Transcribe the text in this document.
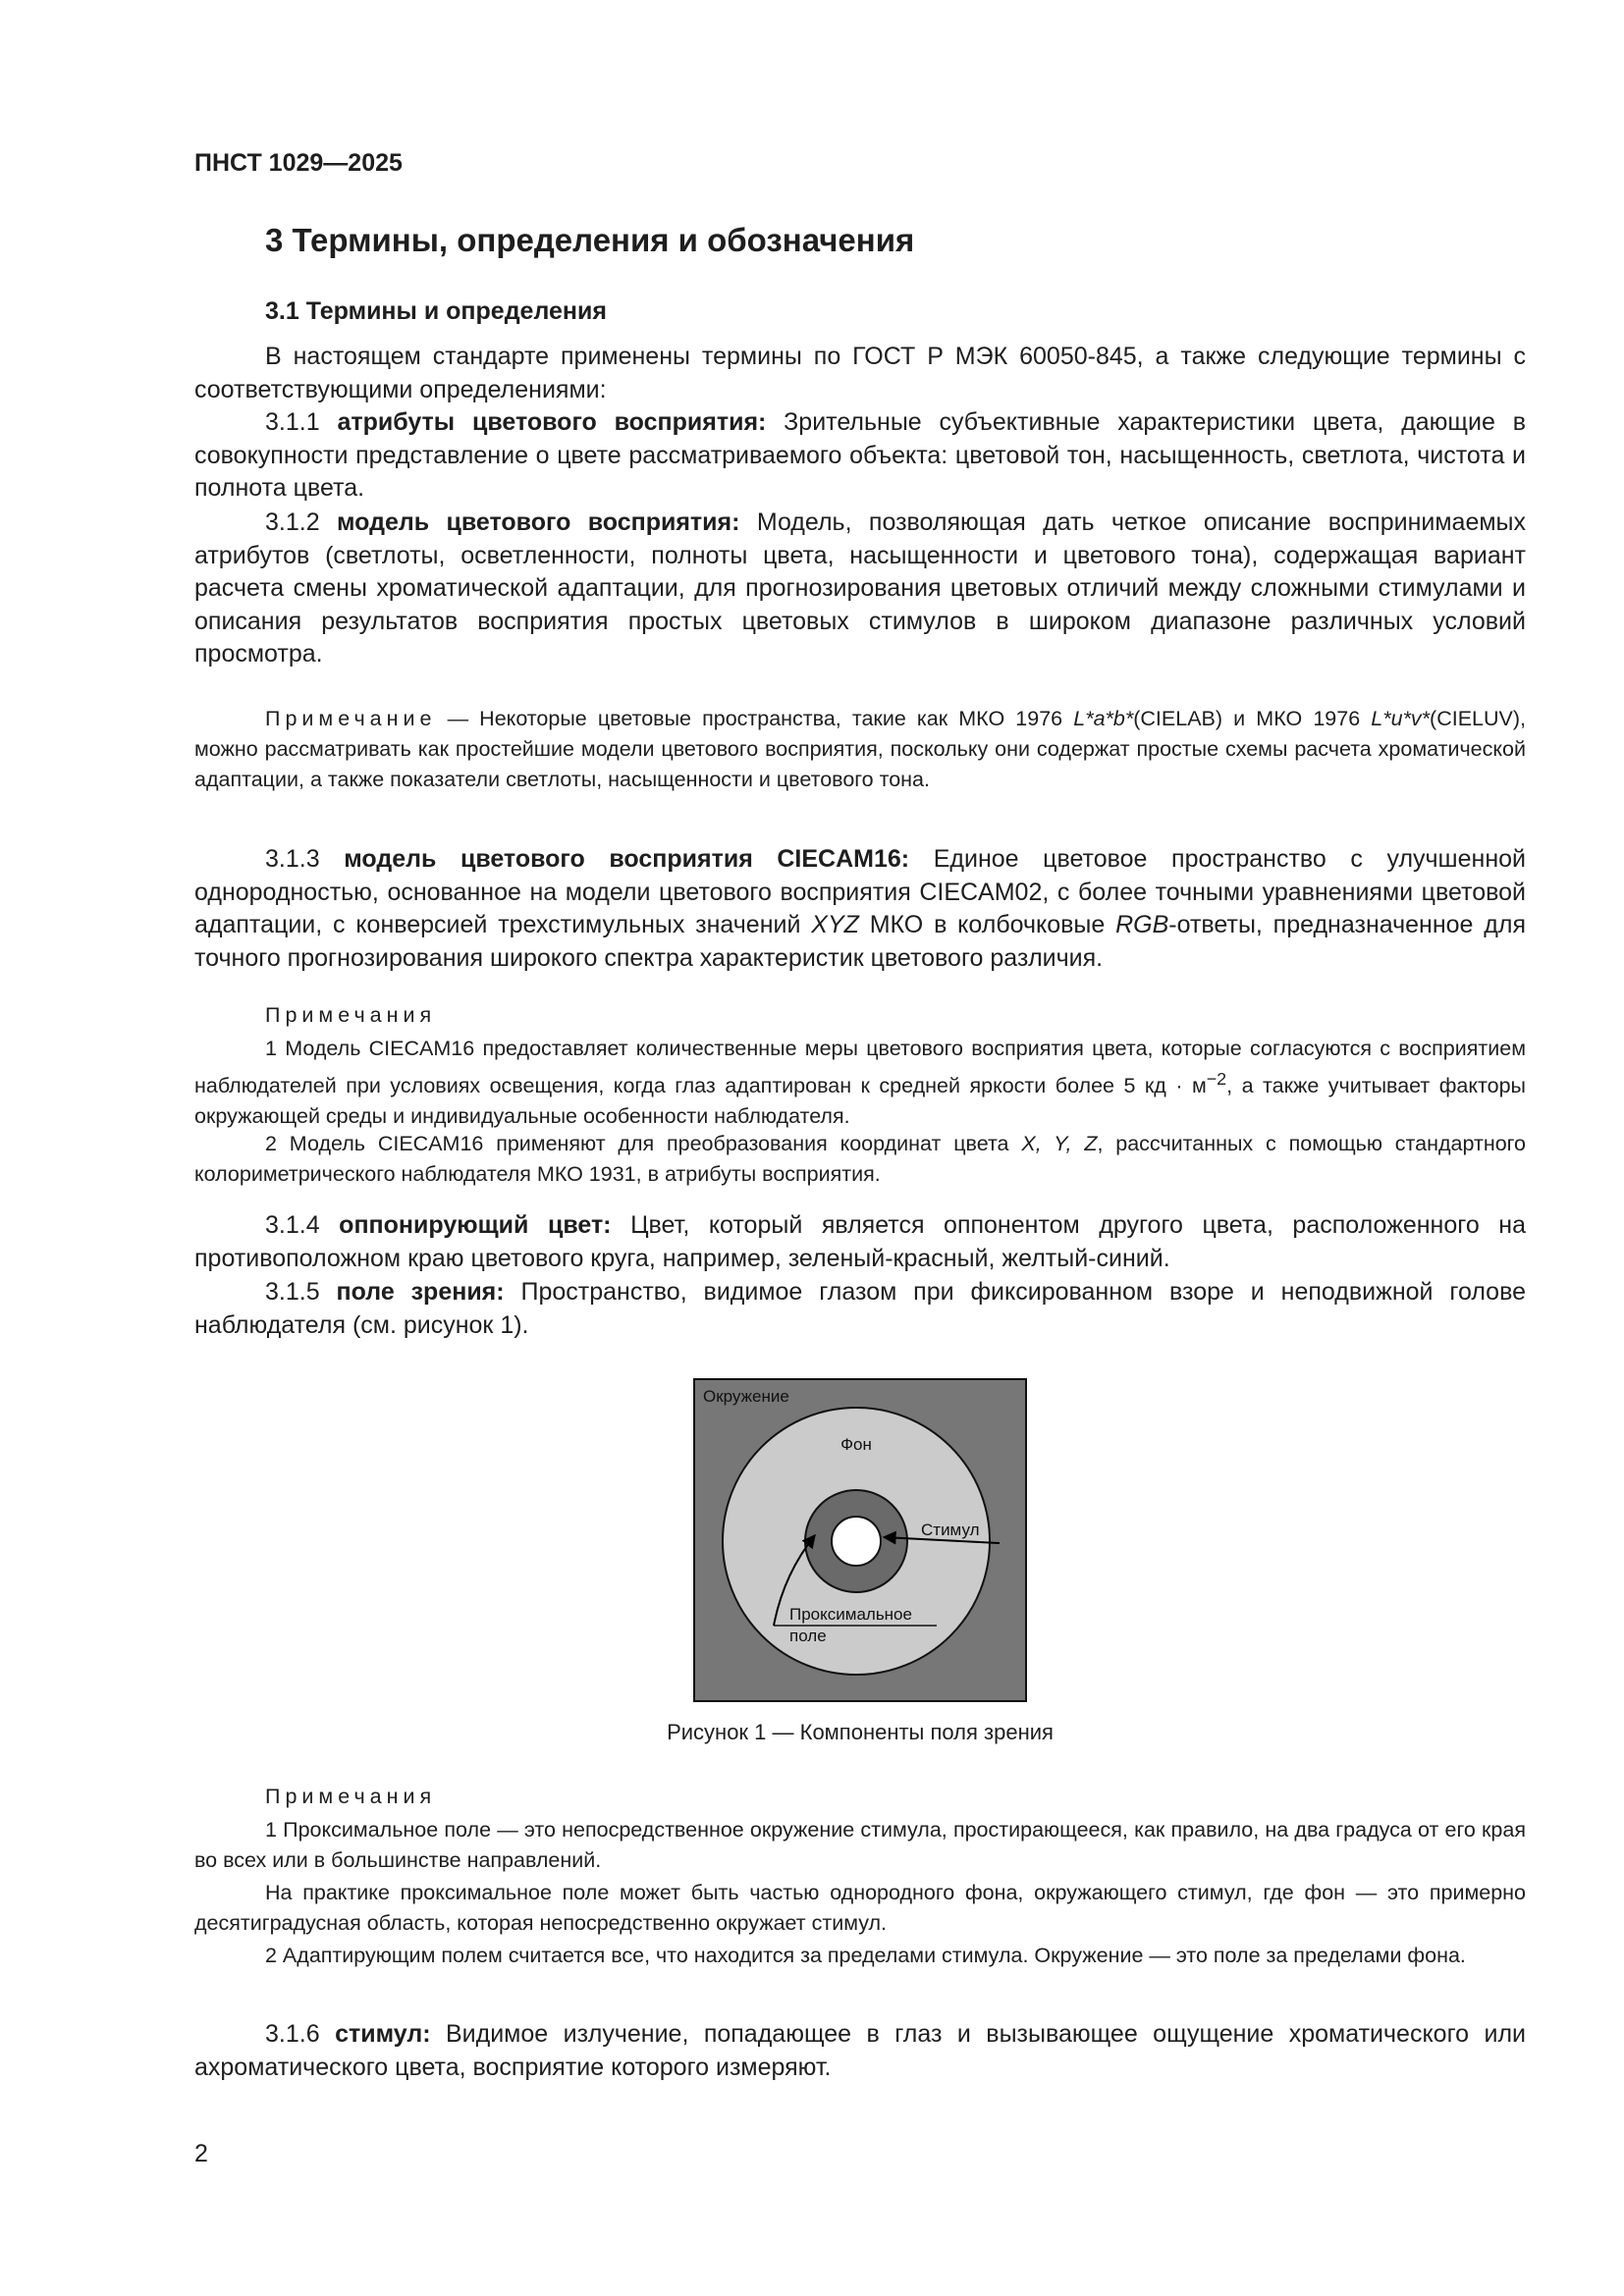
ПНСТ 1029—2025

3 Термины, определения и обозначения
3.1 Термины и определения

В настоящем стандарте применены термины по ГОСТ Р МЭК 60050-845, а также следующие термины с соответствующими определениями:

3.1.1 атрибуты цветового восприятия: Зрительные субъективные характеристики цвета, дающие в совокупности представление о цвете рассматриваемого объекта: цветовой тон, насыщенность, светлота, чистота и полнота цвета.

3.1.2 модель цветового восприятия: Модель, позволяющая дать четкое описание воспринимаемых атрибутов (светлоты, осветленности, полноты цвета, насыщенности и цветового тона), содержащая вариант расчета смены хроматической адаптации, для прогнозирования цветовых отличий между сложными стимулами и описания результатов восприятия простых цветовых стимулов в широком диапазоне различных условий просмотра.

Примечание — Некоторые цветовые пространства, такие как МКО 1976 L*a*b*(CIELAB) и МКО 1976 L*u*v*(CIELUV), можно рассматривать как простейшие модели цветового восприятия, поскольку они содержат простые схемы расчета хроматической адаптации, а также показатели светлоты, насыщенности и цветового тона.

3.1.3 модель цветового восприятия CIECAM16: Единое цветовое пространство с улучшенной однородностью, основанное на модели цветового восприятия CIECAM02, с более точными уравнениями цветовой адаптации, с конверсией трехстимульных значений XYZ МКО в колбочковые RGB-ответы, предназначенное для точного прогнозирования широкого спектра характеристик цветового различия.

Примечания

1 Модель CIECAM16 предоставляет количественные меры цветового восприятия цвета, которые согласуются с восприятием наблюдателей при условиях освещения, когда глаз адаптирован к средней яркости более 5 кд · $м^{-2}$, а также учитывает факторы окружающей среды и индивидуальные особенности наблюдателя.

2 Модель CIECAM16 применяют для преобразования координат цвета X, Y, Z, рассчитанных с помощью стандартного колориметрического наблюдателя МКО 1931, в атрибуты восприятия.

3.1.4 оппонирующий цвет: Цвет, который является оппонентом другого цвета, расположенного на противоположном краю цветового круга, например, зеленый-красный, желтый-синий.

3.1.5 поле зрения: Пространство, видимое глазом при фиксированном взоре и неподвижной голове наблюдателя (см. рисунок 1).

Окружение
Фон
Стимул
Проксимальное
поле

Рисунок 1 — Компоненты поля зрения

Примечания

1 Проксимальное поле — это непосредственное окружение стимула, простирающееся, как правило, на два градуса от его края во всех или в большинстве направлений.

На практике проксимальное поле может быть частью однородного фона, окружающего стимул, где фон — это примерно десятиградусная область, которая непосредственно окружает стимул.

2 Адаптирующим полем считается все, что находится за пределами стимула. Окружение — это поле за пределами фона.

3.1.6 стимул: Видимое излучение, попадающее в глаз и вызывающее ощущение хроматического или ахроматического цвета, восприятие которого измеряют.

2
